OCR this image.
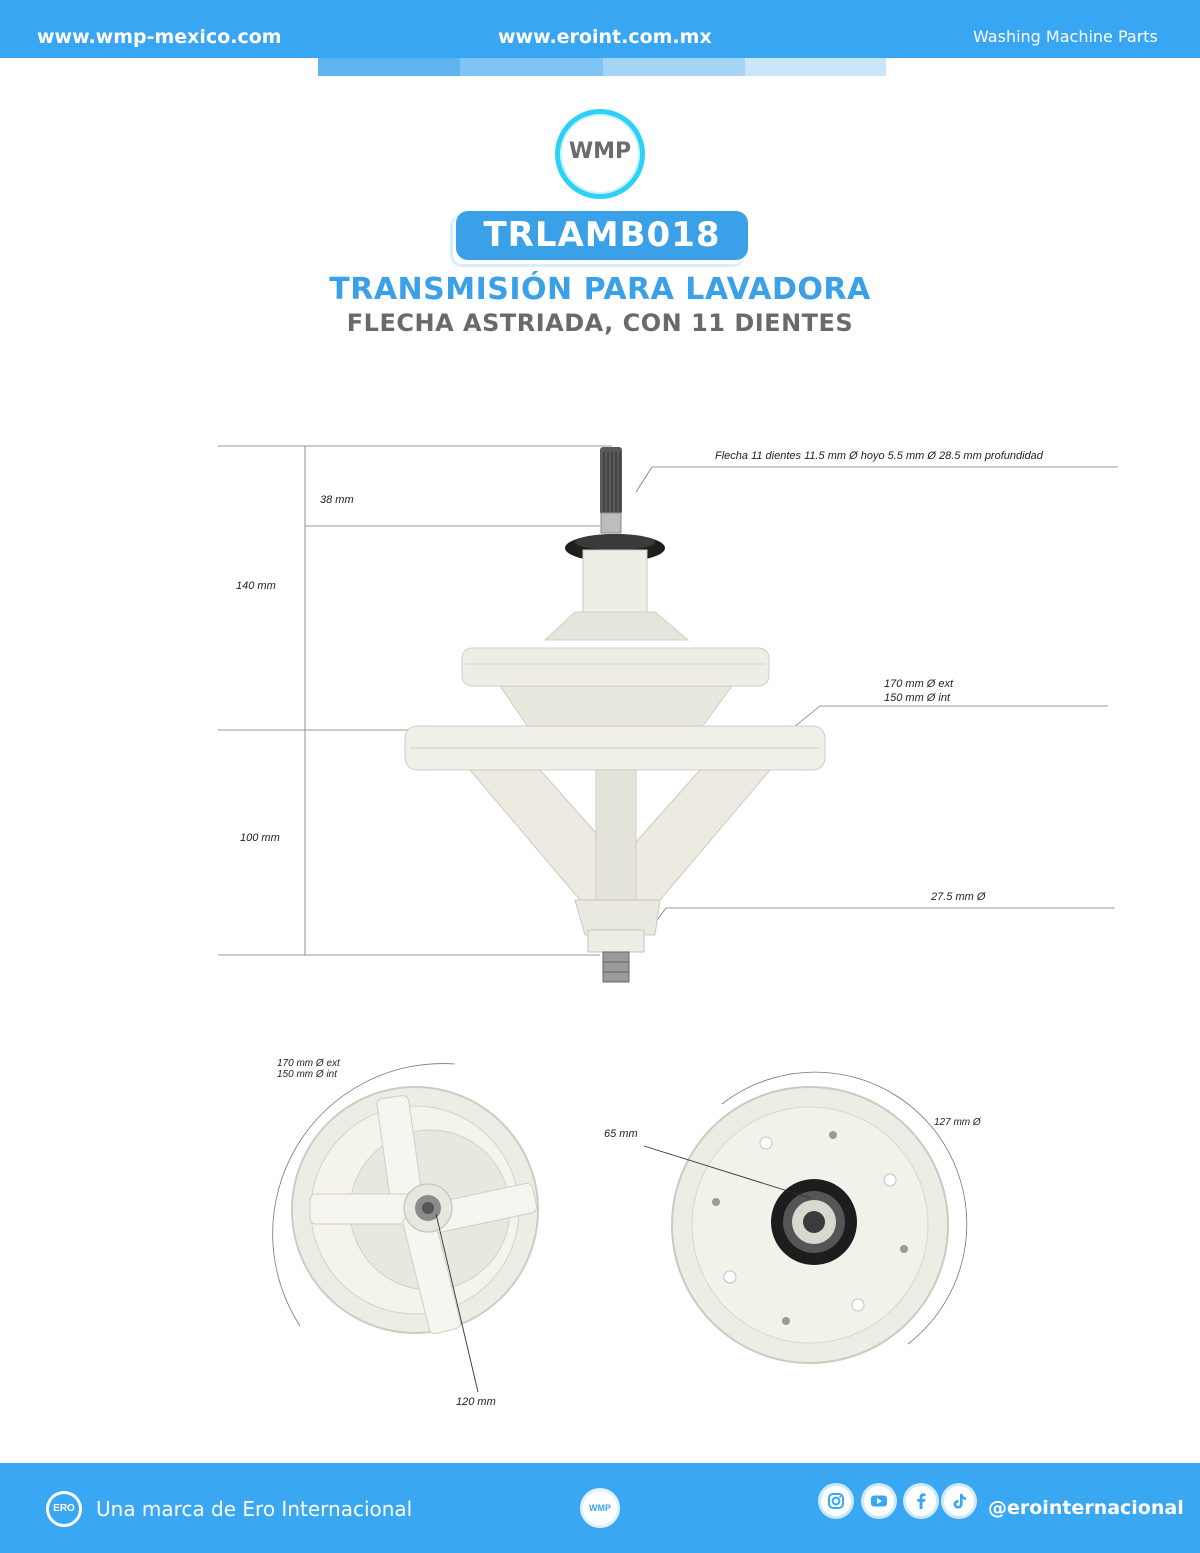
www.wmp-mexico.com	www.eroint.com.mx	Washing Machine Parts
WMP
TRLAMB018
TRANSMISIÓN PARA LAVADORA
FLECHA ASTRIADA, CON 11 DIENTES
Flecha 11 dientes 11.5 mm Ø hoyo 5.5 mm Ø 28.5 mm profundidad
38 mm
140 mm
170 mm Ø ext
150 mm Ø int
100 mm
27.5 mm Ø
170 mm Ø ext
150 mm Ø int
120 mm
65 mm
127 mm Ø
ERO Una marca de Ero Internacional	WMP	@erointernacional
